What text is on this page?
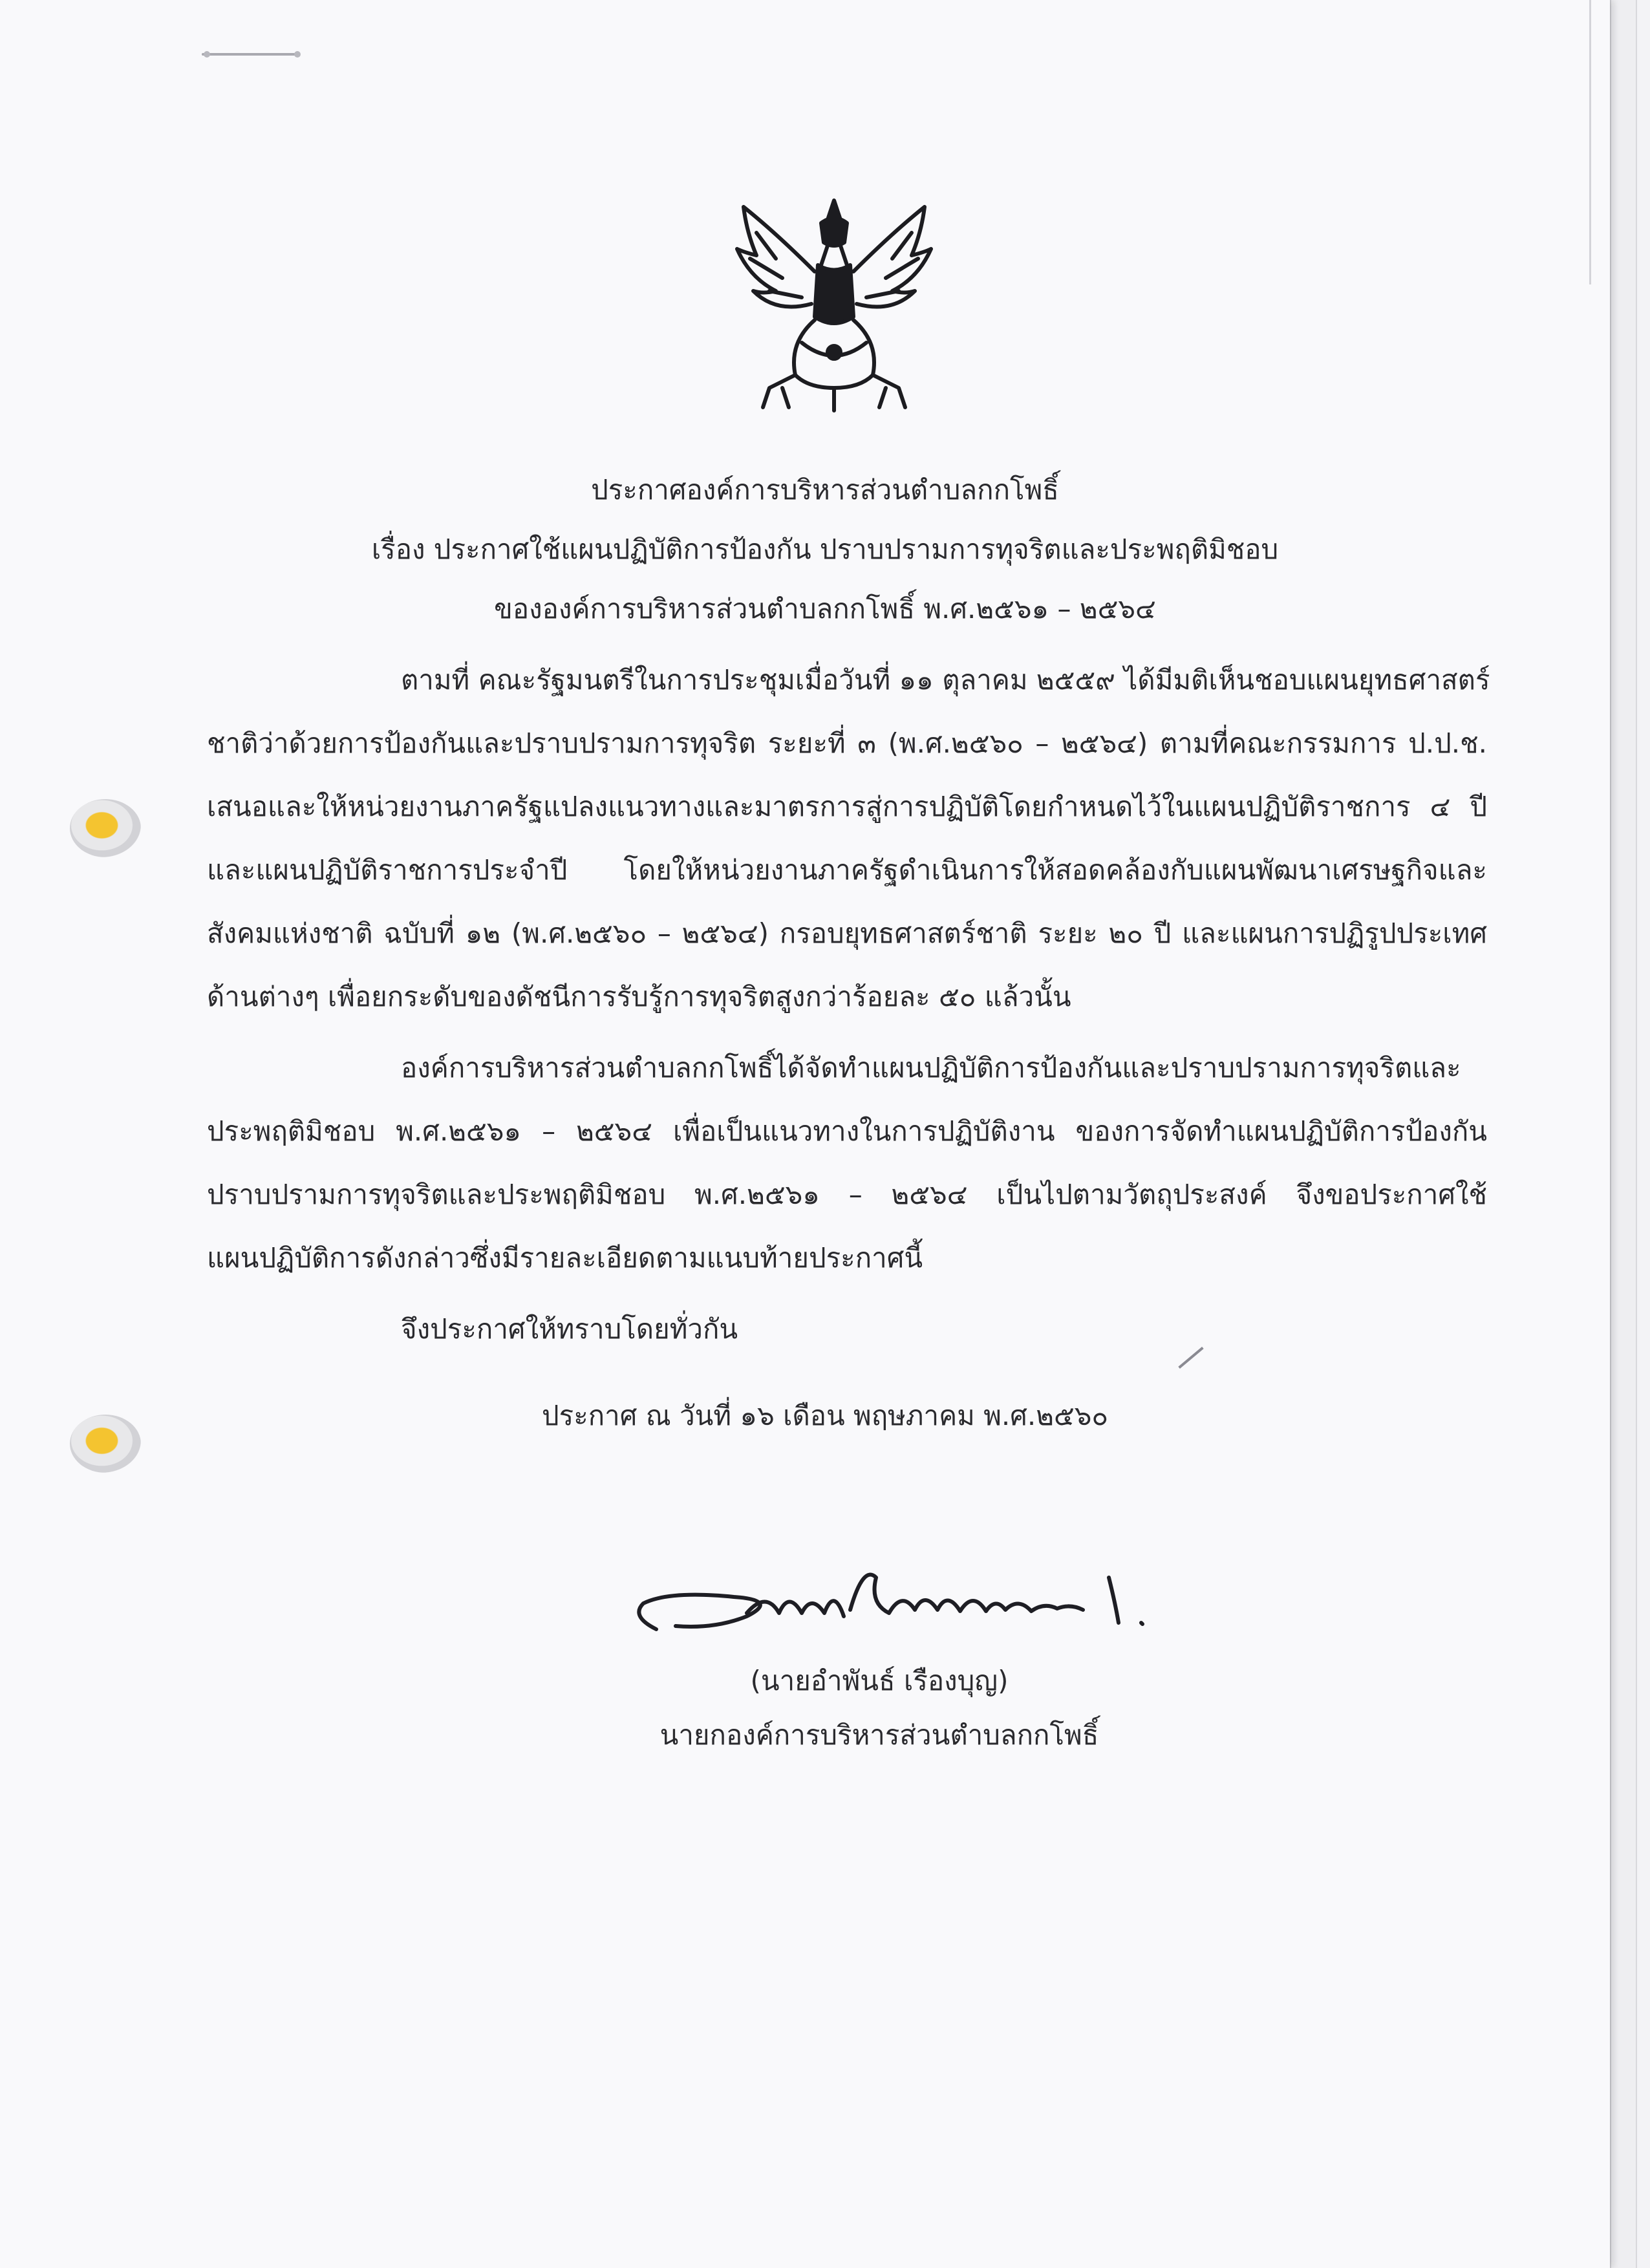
ประกาศองค์การบริหารส่วนตำบลกกโพธิ์
เรื่อง ประกาศใช้แผนปฏิบัติการป้องกัน ปราบปรามการทุจริตและประพฤติมิชอบ
ขององค์การบริหารส่วนตำบลกกโพธิ์ พ.ศ.๒๕๖๑ – ๒๕๖๔
ตามที่ คณะรัฐมนตรีในการประชุมเมื่อวันที่ ๑๑ ตุลาคม ๒๕๕๙ ได้มีมติเห็นชอบแผนยุทธศาสตร์
ชาติว่าด้วยการป้องกันและปราบปรามการทุจริต ระยะที่ ๓ (พ.ศ.๒๕๖๐ – ๒๕๖๔) ตามที่คณะกรรมการ ป.ป.ช.
เสนอและให้หน่วยงานภาครัฐแปลงแนวทางและมาตรการสู่การปฏิบัติโดยกำหนดไว้ในแผนปฏิบัติราชการ ๔ ปี
และแผนปฏิบัติราชการประจำปี โดยให้หน่วยงานภาครัฐดำเนินการให้สอดคล้องกับแผนพัฒนาเศรษฐกิจและ
สังคมแห่งชาติ ฉบับที่ ๑๒ (พ.ศ.๒๕๖๐ – ๒๕๖๔) กรอบยุทธศาสตร์ชาติ ระยะ ๒๐ ปี และแผนการปฏิรูปประเทศ
ด้านต่างๆ เพื่อยกระดับของดัชนีการรับรู้การทุจริตสูงกว่าร้อยละ ๕๐ แล้วนั้น
องค์การบริหารส่วนตำบลกกโพธิ์ได้จัดทำแผนปฏิบัติการป้องกันและปราบปรามการทุจริตและ
ประพฤติมิชอบ พ.ศ.๒๕๖๑ – ๒๕๖๔ เพื่อเป็นแนวทางในการปฏิบัติงาน ของการจัดทำแผนปฏิบัติการป้องกัน
ปราบปรามการทุจริตและประพฤติมิชอบ พ.ศ.๒๕๖๑ – ๒๕๖๔ เป็นไปตามวัตถุประสงค์ จึงขอประกาศใช้
แผนปฏิบัติการดังกล่าวซึ่งมีรายละเอียดตามแนบท้ายประกาศนี้
จึงประกาศให้ทราบโดยทั่วกัน
ประกาศ ณ วันที่ ๑๖ เดือน พฤษภาคม พ.ศ.๒๕๖๐
(นายอำพันธ์ เรืองบุญ)
นายกองค์การบริหารส่วนตำบลกกโพธิ์
